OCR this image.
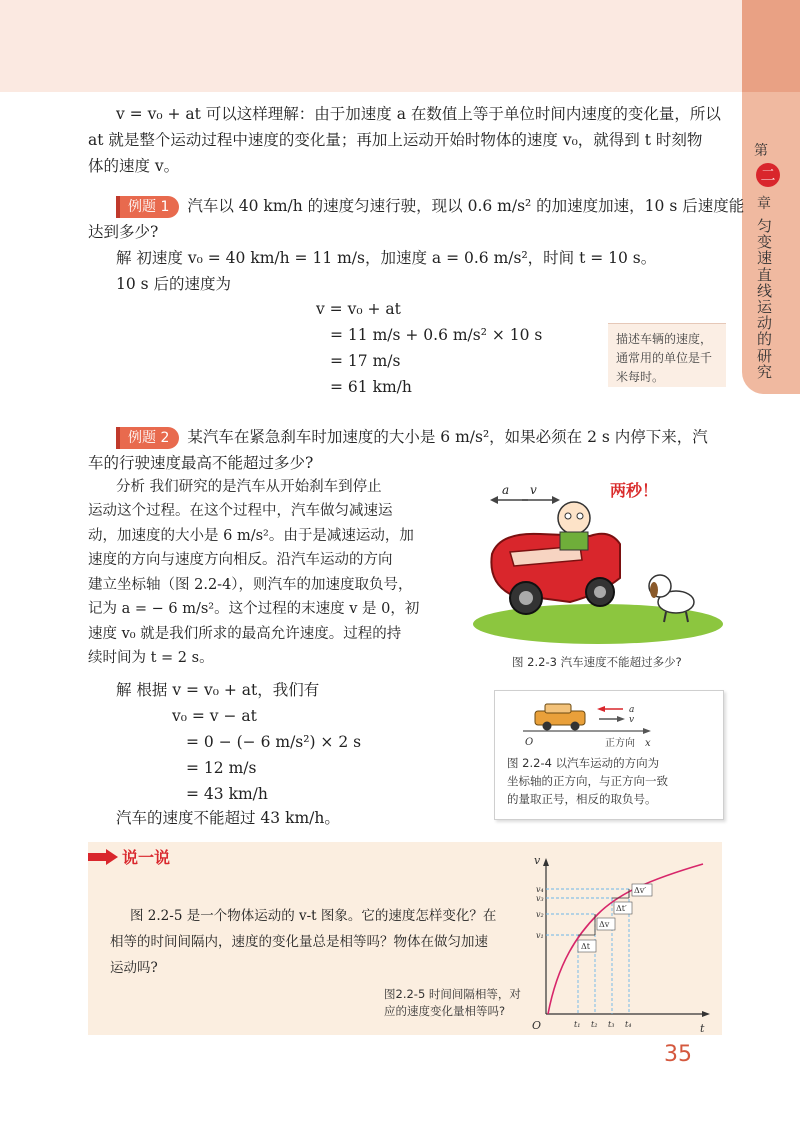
第
二
章
匀变速直线运动的研究
v = v₀ + at 可以这样理解：由于加速度 a 在数值上等于单位时间内速度的变化量，所以
at 就是整个运动过程中速度的变化量；再加上运动开始时物体的速度 v₀，就得到 t 时刻物
体的速度 v。
例题 1 汽车以 40 km/h 的速度匀速行驶，现以 0.6 m/s² 的加速度加速，10 s 后速度能
达到多少?
解 初速度 v₀ = 40 km/h = 11 m/s，加速度 a = 0.6 m/s²，时间 t = 10 s。
10 s 后的速度为
v = v₀ + at
= 11 m/s + 0.6 m/s² × 10 s
= 17 m/s
= 61 km/h
描述车辆的速度，通常用的单位是千米每时。
例题 2 某汽车在紧急刹车时加速度的大小是 6 m/s²，如果必须在 2 s 内停下来，汽
车的行驶速度最高不能超过多少?
分析 我们研究的是汽车从开始刹车到停止
运动这个过程。在这个过程中，汽车做匀减速运
动，加速度的大小是 6 m/s²。由于是减速运动，加
速度的方向与速度方向相反。沿汽车运动的方向
建立坐标轴（图 2.2-4），则汽车的加速度取负号，
记为 a = − 6 m/s²。这个过程的末速度 v 是 0，初
速度 v₀ 就是我们所求的最高允许速度。过程的持
续时间为 t = 2 s。
解 根据 v = v₀ + at，我们有
v₀ = v − at
= 0 − (− 6 m/s²) × 2 s
= 12 m/s
= 43 km/h
汽车的速度不能超过 43 km/h。
a v	两秒！
图 2.2-3 汽车速度不能超过多少?
a
v
O	正方向 x
图 2.2-4 以汽车运动的方向为
坐标轴的正方向，与正方向一致
的量取正号，相反的取负号。
说一说
图 2.2-5 是一个物体运动的 v-t 图象。它的速度怎样变化？在
相等的时间间隔内，速度的变化量总是相等吗？物体在做匀加速
运动吗?
图2.2-5 时间间隔相等，对
应的速度变化量相等吗?
v
t
O
v₄
v₃
v₂
v₁
t₁ t₂ t₃ t₄
Δv′
Δt′
Δv
Δt
35
